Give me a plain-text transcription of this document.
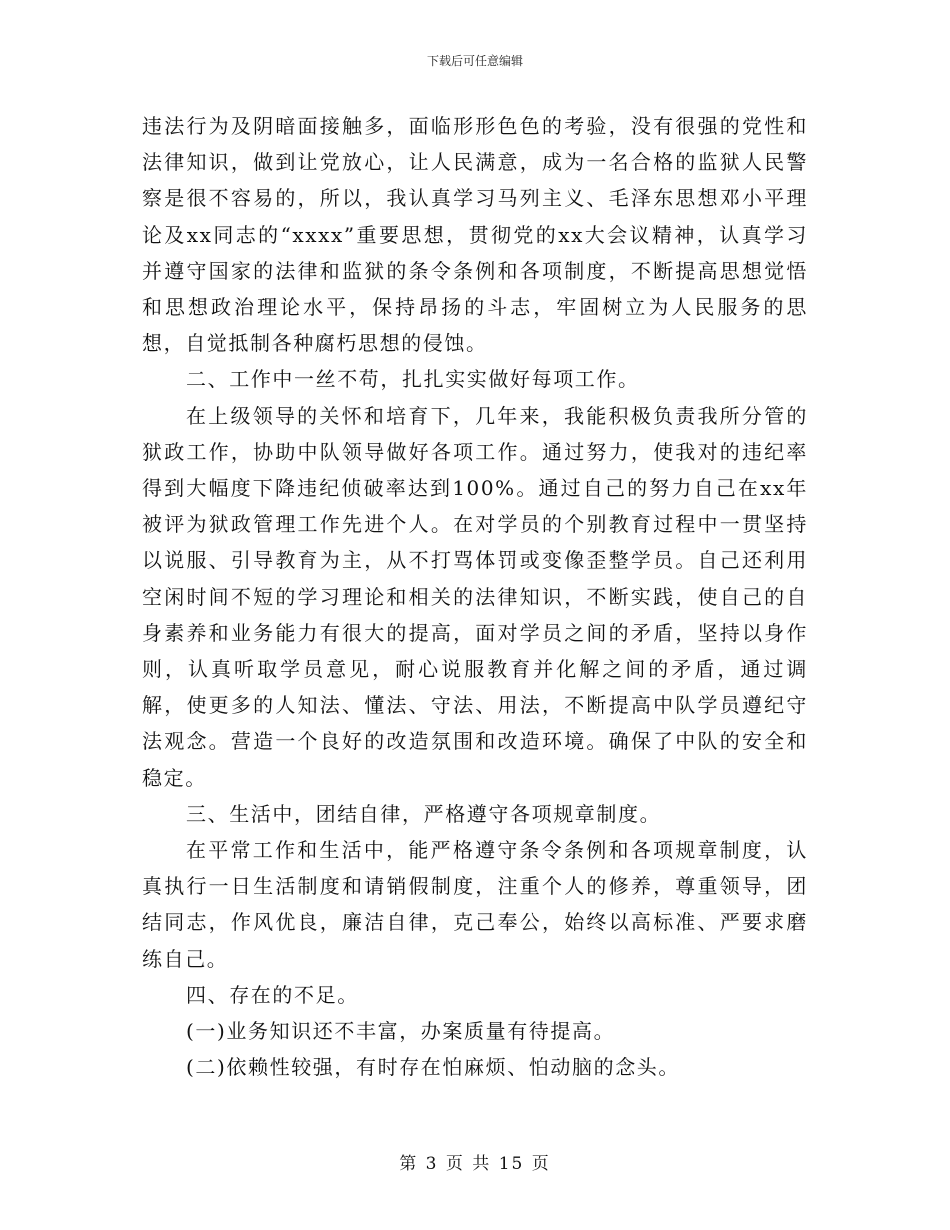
下载后可任意编辑

违法行为及阴暗面接触多，面临形形色色的考验，没有很强的党性和法律知识，做到让党放心，让人民满意，成为一名合格的监狱人民警察是很不容易的，所以，我认真学习马列主义、毛泽东思想邓小平理论及xx同志的“xxxx”重要思想，贯彻党的xx大会议精神，认真学习并遵守国家的法律和监狱的条令条例和各项制度，不断提高思想觉悟和思想政治理论水平，保持昂扬的斗志，牢固树立为人民服务的思想，自觉抵制各种腐朽思想的侵蚀。

二、工作中一丝不苟，扎扎实实做好每项工作。

在上级领导的关怀和培育下，几年来，我能积极负责我所分管的狱政工作，协助中队领导做好各项工作。通过努力，使我对的违纪率得到大幅度下降违纪侦破率达到100%。通过自己的努力自己在xx年被评为狱政管理工作先进个人。在对学员的个别教育过程中一贯坚持以说服、引导教育为主，从不打骂体罚或变像歪整学员。自己还利用空闲时间不短的学习理论和相关的法律知识，不断实践，使自己的自身素养和业务能力有很大的提高，面对学员之间的矛盾，坚持以身作则，认真听取学员意见，耐心说服教育并化解之间的矛盾，通过调解，使更多的人知法、懂法、守法、用法，不断提高中队学员遵纪守法观念。营造一个良好的改造氛围和改造环境。确保了中队的安全和稳定。

三、生活中，团结自律，严格遵守各项规章制度。

在平常工作和生活中，能严格遵守条令条例和各项规章制度，认真执行一日生活制度和请销假制度，注重个人的修养，尊重领导，团结同志，作风优良，廉洁自律，克己奉公，始终以高标准、严要求磨练自己。

四、存在的不足。

(一)业务知识还不丰富，办案质量有待提高。

(二)依赖性较强，有时存在怕麻烦、怕动脑的念头。

第 3 页 共 15 页
